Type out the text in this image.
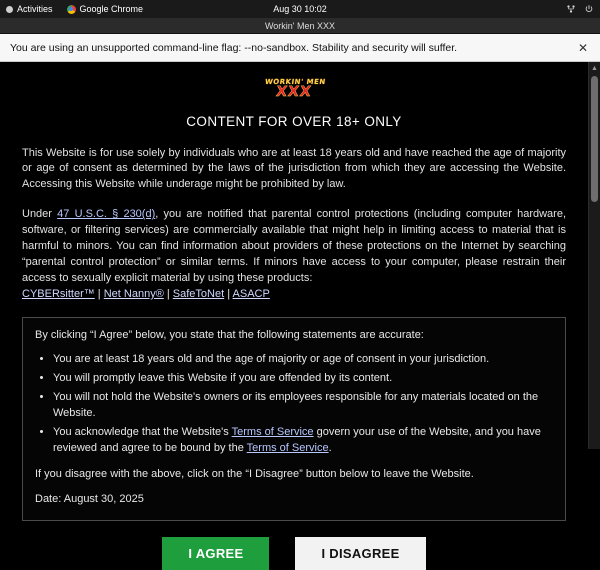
Activities	Google Chrome	Aug 30 10:02
Workin' Men XXX
You are using an unsupported command-line flag: --no-sandbox. Stability and security will suffer.	✕
WORKIN' MEN
XXX
CONTENT FOR OVER 18+ ONLY

This Website is for use solely by individuals who are at least 18 years old and have reached the age of majority or age of consent as determined by the laws of the jurisdiction from which they are accessing the Website. Accessing this Website while underage might be prohibited by law.

Under 47 U.S.C. § 230(d), you are notified that parental control protections (including computer hardware, software, or filtering services) are commercially available that might help in limiting access to material that is harmful to minors. You can find information about providers of these protections on the Internet by searching “parental control protection” or similar terms. If minors have access to your computer, please restrain their access to sexually explicit material by using these products:
CYBERsitter™ | Net Nanny® | SafeToNet | ASACP

By clicking “I Agree” below, you state that the following statements are accurate:

• You are at least 18 years old and the age of majority or age of consent in your jurisdiction.
• You will promptly leave this Website if you are offended by its content.
• You will not hold the Website's owners or its employees responsible for any materials located on the Website.
• You acknowledge that the Website's Terms of Service govern your use of the Website, and you have reviewed and agree to be bound by the Terms of Service.

If you disagree with the above, click on the “I Disagree” button below to leave the Website.

Date: August 30, 2025

I AGREE	I DISAGREE
▲
